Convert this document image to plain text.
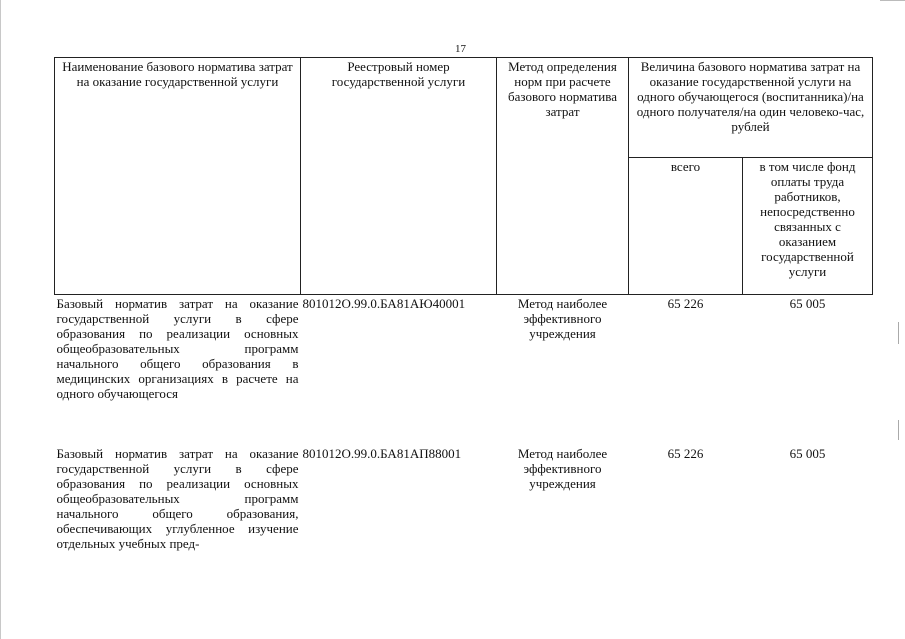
17
Наименование базового норматива затрат на оказание государственной услуги	Реестровый номер государственной услуги	Метод определения норм при расчете базового норматива затрат	Величина базового норматива затрат на оказание государственной услуги на одного обучающегося (воспитанника)/на одного получателя/на один человеко-час, рублей	
			всего	в том числе фонд оплаты труда работников, непосредственно связанных с оказанием государственной услуги
Базовый норматив затрат на оказание государственной услуги в сфере образования по реализации основных общеобразовательных программ начального общего образования в медицинских организациях в расчете на одного обучающегося	801012О.99.0.БА81АЮ40001	Метод наиболее эффективного учреждения	65 226	65 005
Базовый норматив затрат на оказание государственной услуги в сфере образования по реализации основных общеобразовательных программ начального общего образования, обеспечивающих углубленное изучение отдельных учебных пред-	801012О.99.0.БА81АП88001	Метод наиболее эффективного учреждения	65 226	65 005
